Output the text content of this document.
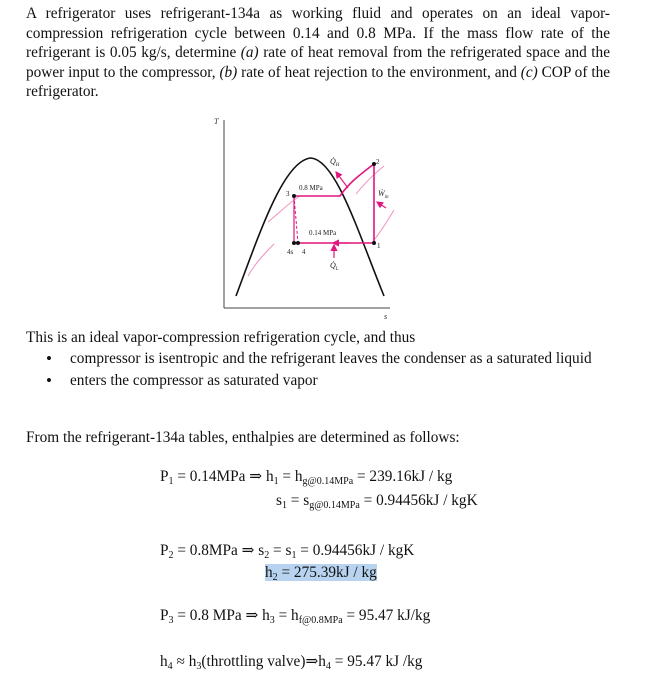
A refrigerator uses refrigerant-134a as working fluid and operates on an ideal vapor-compression refrigeration cycle between 0.14 and 0.8 MPa. If the mass flow rate of the refrigerant is 0.05 kg/s, determine (a) rate of heat removal from the refrigerated space and the power input to the compressor, (b) rate of heat rejection to the environment, and (c) COP of the refrigerator.

T
s
0.8 MPa
0.14 MPa
3
2
1
4s 4
$Q̇_H$
$Q̇_L$
$Ẇ_{in}$

This is an ideal vapor-compression refrigeration cycle, and thus

• compressor is isentropic and the refrigerant leaves the condenser as a saturated liquid
• enters the compressor as saturated vapor

From the refrigerant-134a tables, enthalpies are determined as follows:

$P_1 = 0.14MPa$ ⇒ $h_1 = h_{g@0.14MPa} = 239.16kJ$ / kg
$s_1 = s_{g@0.14MPa} = 0.94456kJ$ / kgK
$P_2 = 0.8MPa$ ⇒ $s_2 = s_1 = 0.94456kJ$ / kgK
$h_2 = 275.39kJ$ / kg
$P_3 = 0.8$ MPa ⇒ $h_3 = h_{f@0.8MPa} = 95.47$ kJ/kg
$h_4$ ≈ $h_3(throttling$ $valve)\Rightarrow h_4 = 95.47$ kJ /kg
